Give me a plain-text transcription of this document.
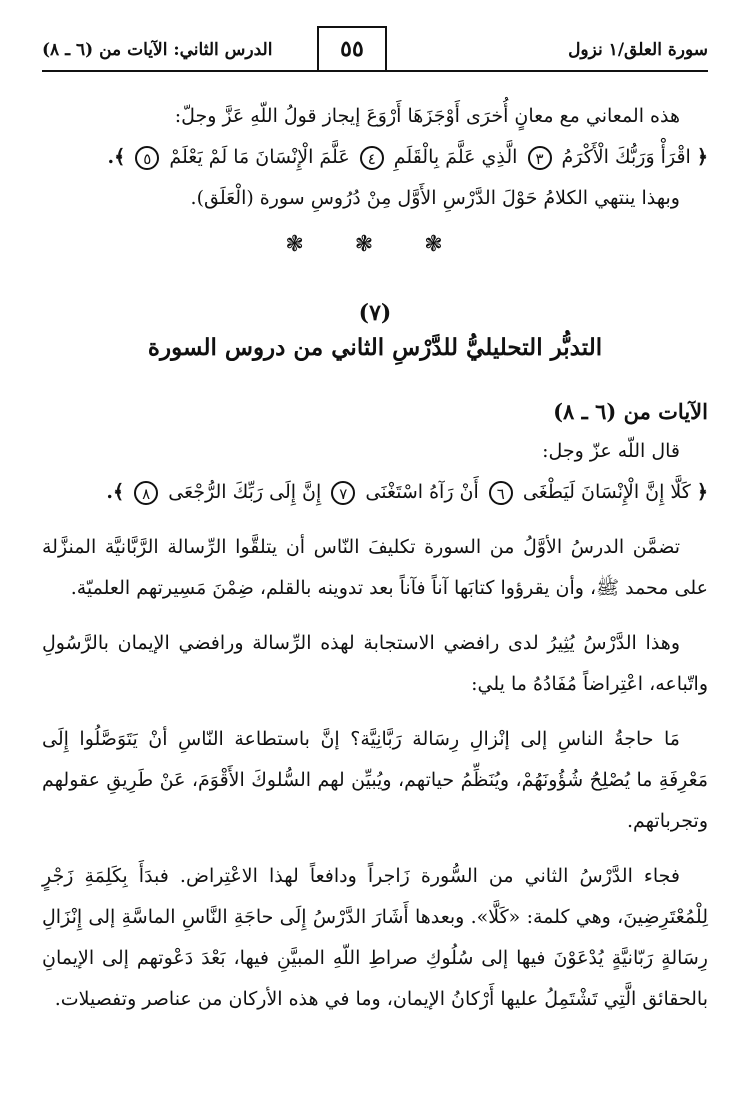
سورة العلق/١ نزول
الدرس الثاني: الآيات من (٦ ـ ٨)	٥٥

هذه المعاني مع معانٍ أُخرَى أَوْجَزَهَا أَرْوَعَ إيجاز قولُ اللّهِ عَزَّ وجلّ:

﴿ اقْرَأْ وَرَبُّكَ الْأَكْرَمُ ٣ الَّذِي عَلَّمَ بِالْقَلَمِ ٤ عَلَّمَ الْإِنْسَانَ مَا لَمْ يَعْلَمْ ٥ ﴾.

وبهذا ينتهي الكلامُ حَوْلَ الدَّرْسِ الأَوَّل مِنْ دُرُوسِ سورة (الْعَلَق).

❃ ❃ ❃
(٧)
التدبُّر التحليليُّ للدَّرْسِ الثاني من دروس السورة
الآيات من (٦ ـ ٨)

قال اللّه عزّ وجل:

﴿ كَلَّا إِنَّ الْإِنْسَانَ لَيَطْغَى ٦ أَنْ رَآهُ اسْتَغْنَى ٧ إِنَّ إِلَى رَبِّكَ الرُّجْعَى ٨ ﴾.

تضمَّن الدرسُ الأوَّلُ من السورة تكليفَ النّاس أن يتلقَّوا الرِّسالة الرَّبَّانيَّة المنزَّلة على محمد ﷺ، وأن يقرؤوا كتابَها آناً فآناً بعد تدوينه بالقلم، ضِمْنَ مَسِيرتهم العلميّة.

وهذا الدَّرْسُ يُثِيرُ لدى رافضي الاستجابة لهذه الرِّسالة ورافضي الإيمان بالرَّسُولِ واتّباعه، اعْتِراضاً مُفَادُهُ ما يلي:

مَا حاجةُ الناسِ إلى إنْزالِ رِسَالة رَبَّانِيَّة؟ إنَّ باستطاعة النّاسِ أنْ يَتَوَصَّلُوا إِلَى مَعْرِفَةِ ما يُصْلِحُ شُؤُونَهُمْ، ويُنَظِّمُ حياتهم، ويُبيِّن لهم السُّلوكَ الأَقْوَمَ، عَنْ طَرِيقِ عقولهم وتجرباتهم.

فجاء الدَّرْسُ الثاني من السُّورة زَاجراً ودافعاً لهذا الاعْتِراض. فبدَأَ بِكَلِمَةِ زَجْرٍ لِلْمُعْتَرِضِينَ، وهي كلمة: «كَلَّا». وبعدها أَشَارَ الدَّرْسُ إِلَى حاجَةِ النَّاسِ الماسَّةِ إلى إِنْزَالِ رِسَالةٍ رَبّانيَّةٍ يُدْعَوْنَ فيها إلى سُلُوكِ صراطِ اللّهِ المبيَّنِ فيها، بَعْدَ دَعْوتهم إلى الإيمانِ بالحقائق الَّتِي تَشْتَمِلُ عليها أَرْكانُ الإيمان، وما في هذه الأركان من عناصر وتفصيلات.
